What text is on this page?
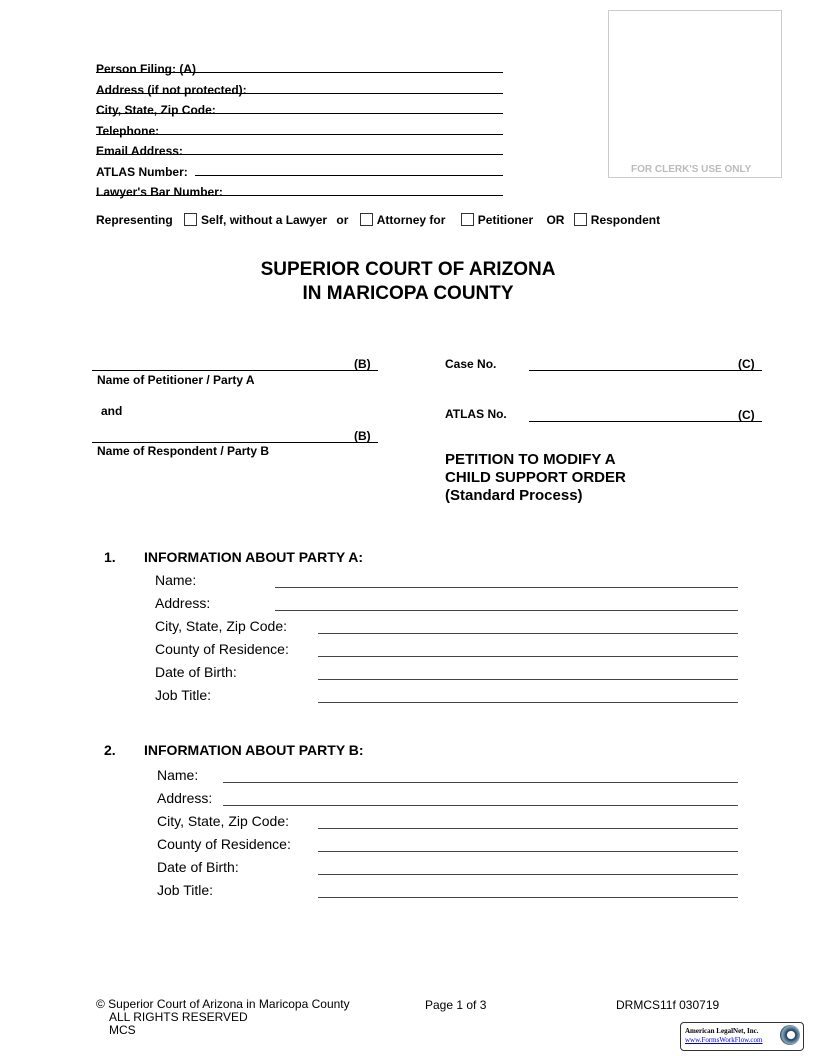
Person Filing: (A)
Address (if not protected):
City, State, Zip Code:
Telephone:
Email Address:
ATLAS Number:
Lawyer's Bar Number:
FOR CLERK'S USE ONLY
Representing Self, without a Lawyer or Attorney for	Petitioner OR Respondent
SUPERIOR COURT OF ARIZONA
IN MARICOPA COUNTY
(B)
Name of Petitioner / Party A
and
(B)
Name of Respondent / Party B
Case No.	(C)
ATLAS No.	(C)
PETITION TO MODIFY A
CHILD SUPPORT ORDER
(Standard Process)
1. INFORMATION ABOUT PARTY A:
Name:
Address:
City, State, Zip Code:
County of Residence:
Date of Birth:
Job Title:
2. INFORMATION ABOUT PARTY B:
Name:
Address:
City, State, Zip Code:
County of Residence:
Date of Birth:
Job Title:
© Superior Court of Arizona in Maricopa County
ALL RIGHTS RESERVED
MCS
Page 1 of 3	DRMCS11f 030719
American LegalNet, Inc.
www.FormsWorkFlow.com
